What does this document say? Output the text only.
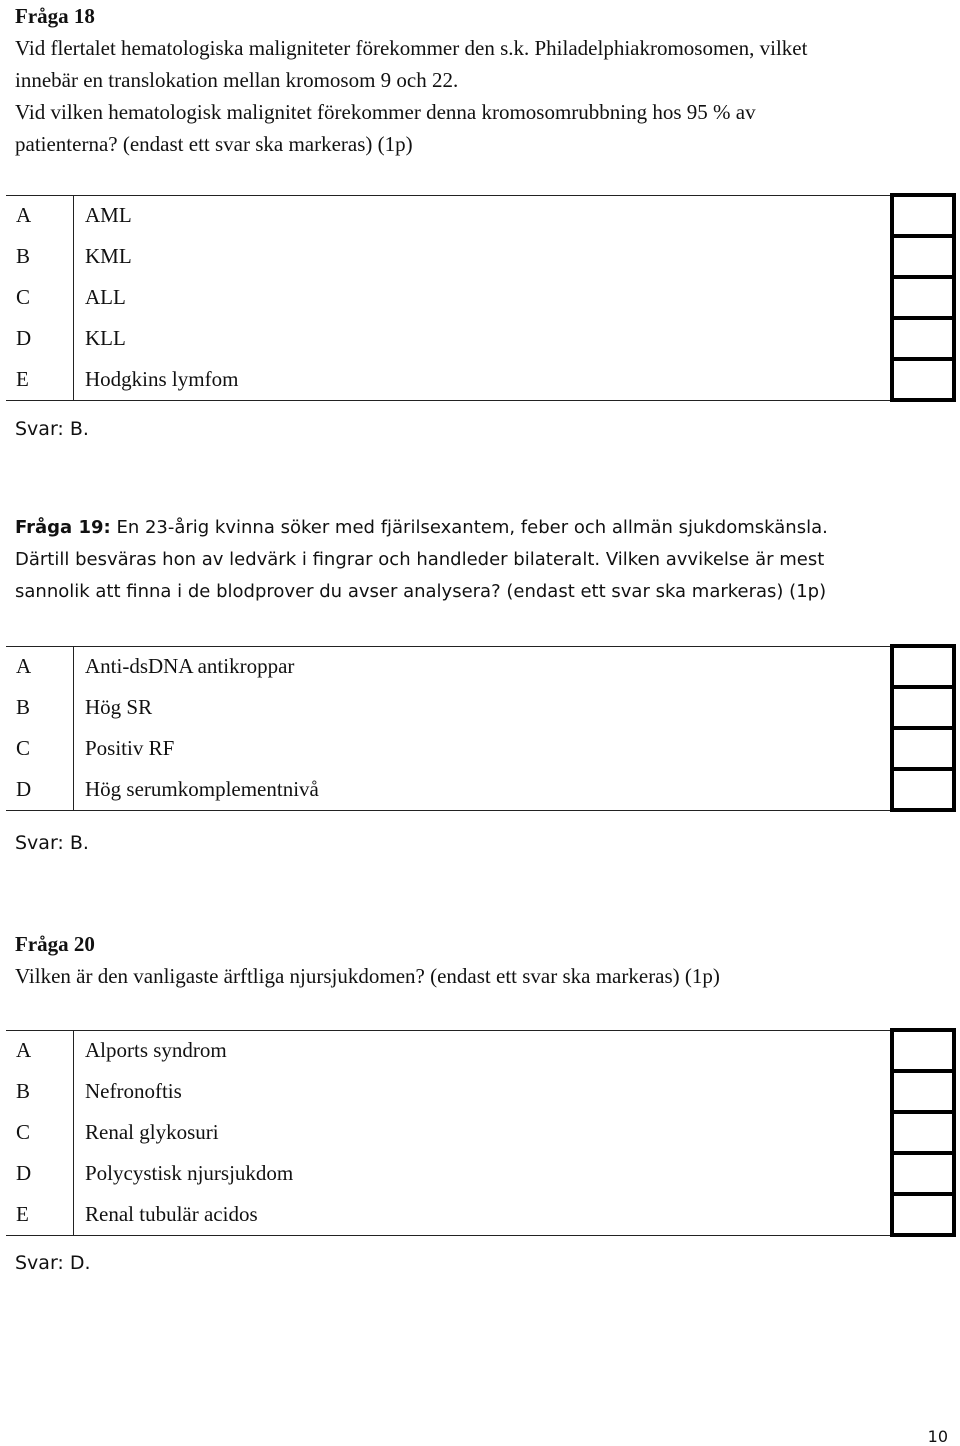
Fråga 18
Vid flertalet hematologiska maligniteter förekommer den s.k. Philadelphiakromosomen, vilket
innebär en translokation mellan kromosom 9 och 22.
Vid vilken hematologisk malignitet förekommer denna kromosomrubbning hos 95 % av
patienterna? (endast ett svar ska markeras) (1p)
A	AML	
B	KML	
C	ALL	
D	KLL	
E	Hodgkins lymfom	
Svar: B.
Fråga 19: En 23-årig kvinna söker med fjärilsexantem, feber och allmän sjukdomskänsla.
Därtill besväras hon av ledvärk i fingrar och handleder bilateralt. Vilken avvikelse är mest
sannolik att finna i de blodprover du avser analysera? (endast ett svar ska markeras) (1p)
A	Anti-dsDNA antikroppar	
B	Hög SR	
C	Positiv RF	
D	Hög serumkomplementnivå	
Svar: B.
Fråga 20
Vilken är den vanligaste ärftliga njursjukdomen? (endast ett svar ska markeras) (1p)
A	Alports syndrom	
B	Nefronoftis	
C	Renal glykosuri	
D	Polycystisk njursjukdom	
E	Renal tubulär acidos	
Svar: D.
10
